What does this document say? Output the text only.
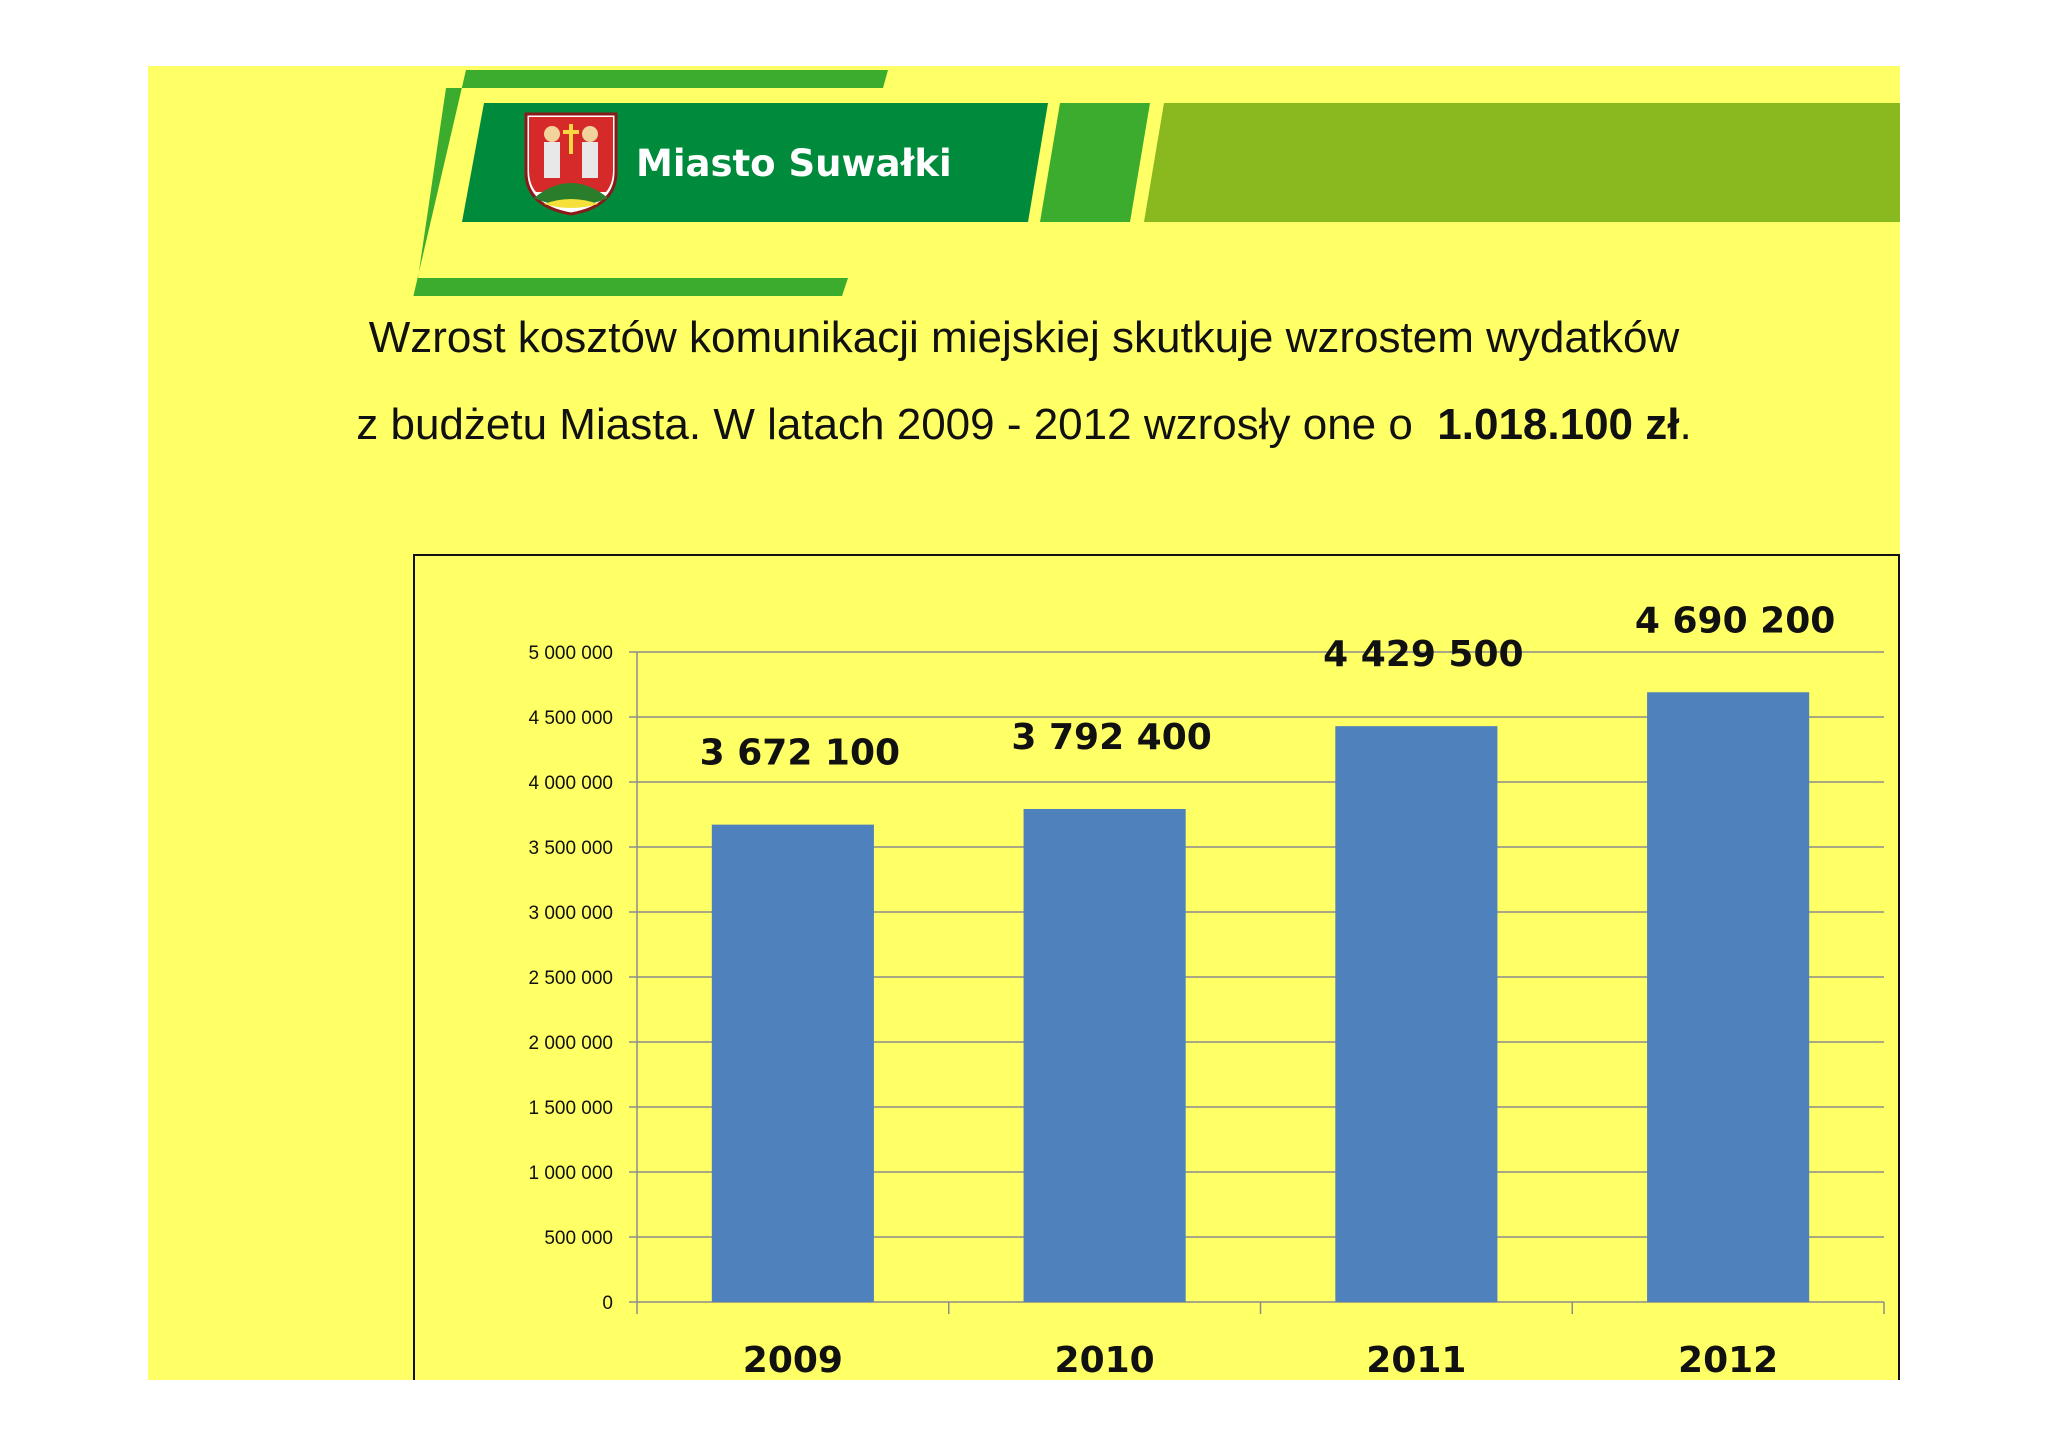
Miasto Suwałki
Wzrost kosztów komunikacji miejskiej skutkuje wzrostem wydatków
z budżetu Miasta. W latach 2009 - 2012 wzrosły one o 1.018.100 zł.
0
500 000
1 000 000
1 500 000
2 000 000
2 500 000
3 000 000
3 500 000
4 000 000
4 500 000
5 000 000
3 672 100
2009
3 792 400
2010
4 429 500
2011
4 690 200
2012
